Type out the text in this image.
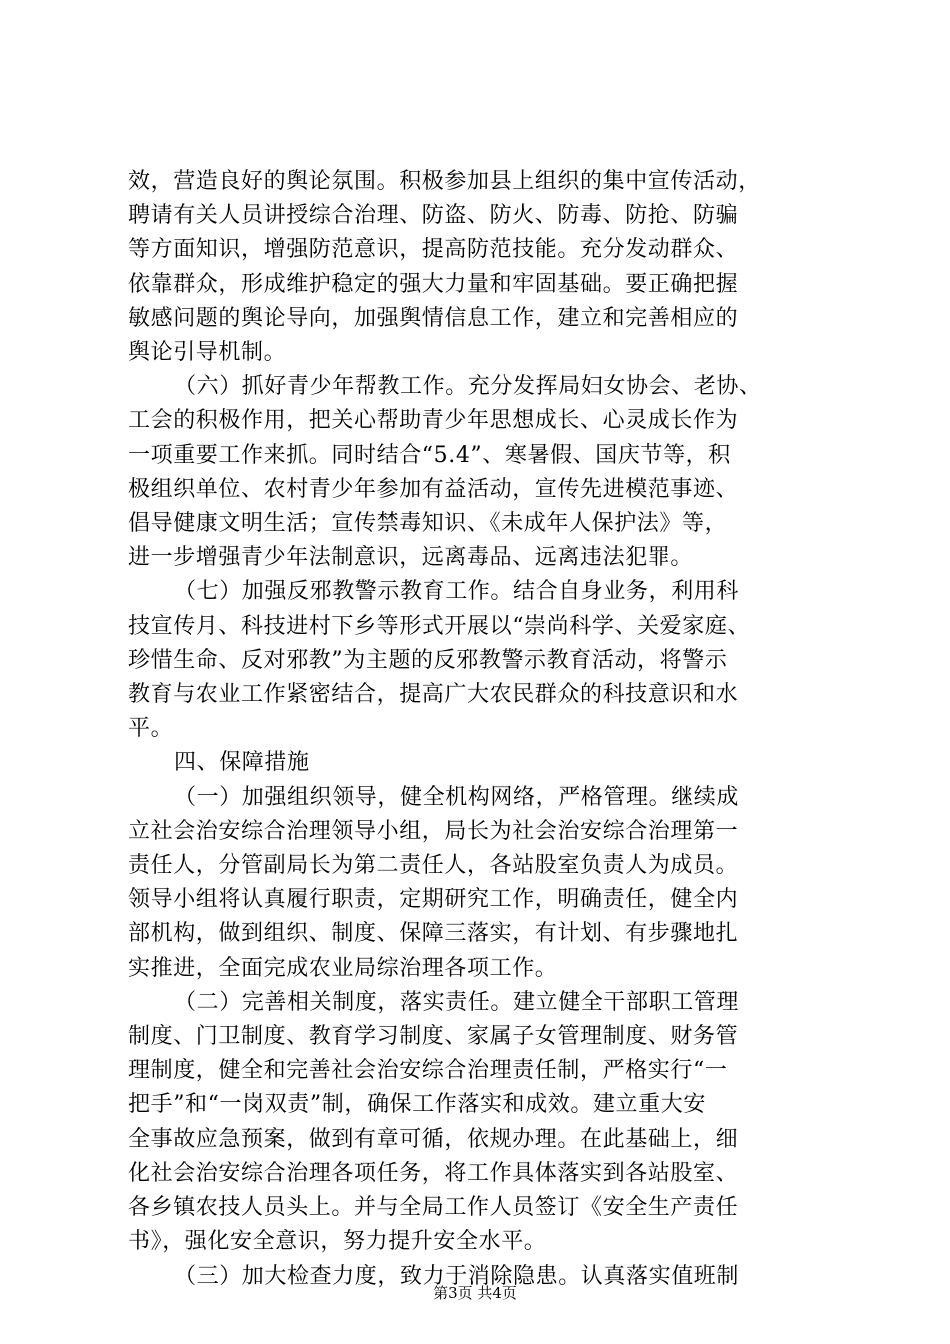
效，营造良好的舆论氛围。积极参加县上组织的集中宣传活动，
聘请有关人员讲授综合治理、防盗、防火、防毒、防抢、防骗
等方面知识，增强防范意识，提高防范技能。充分发动群众、
依靠群众，形成维护稳定的强大力量和牢固基础。要正确把握
敏感问题的舆论导向，加强舆情信息工作，建立和完善相应的
舆论引导机制。

（六）抓好青少年帮教工作。充分发挥局妇女协会、老协、
工会的积极作用，把关心帮助青少年思想成长、心灵成长作为
一项重要工作来抓。同时结合“5.4”、寒暑假、国庆节等，积
极组织单位、农村青少年参加有益活动，宣传先进模范事迹、
倡导健康文明生活；宣传禁毒知识、《未成年人保护法》等，
进一步增强青少年法制意识，远离毒品、远离违法犯罪。

（七）加强反邪教警示教育工作。结合自身业务，利用科
技宣传月、科技进村下乡等形式开展以“崇尚科学、关爱家庭、
珍惜生命、反对邪教”为主题的反邪教警示教育活动，将警示
教育与农业工作紧密结合，提高广大农民群众的科技意识和水
平。

四、保障措施

（一）加强组织领导，健全机构网络，严格管理。继续成
立社会治安综合治理领导小组，局长为社会治安综合治理第一
责任人，分管副局长为第二责任人，各站股室负责人为成员。
领导小组将认真履行职责，定期研究工作，明确责任，健全内
部机构，做到组织、制度、保障三落实，有计划、有步骤地扎
实推进，全面完成农业局综治理各项工作。

（二）完善相关制度，落实责任。建立健全干部职工管理
制度、门卫制度、教育学习制度、家属子女管理制度、财务管
理制度，健全和完善社会治安综合治理责任制，严格实行“一
把手”和“一岗双责”制，确保工作落实和成效。建立重大安
全事故应急预案，做到有章可循，依规办理。在此基础上，细
化社会治安综合治理各项任务，将工作具体落实到各站股室、
各乡镇农技人员头上。并与全局工作人员签订《安全生产责任
书》，强化安全意识，努力提升安全水平。

（三）加大检查力度，致力于消除隐患。认真落实值班制

第3页 共4页
